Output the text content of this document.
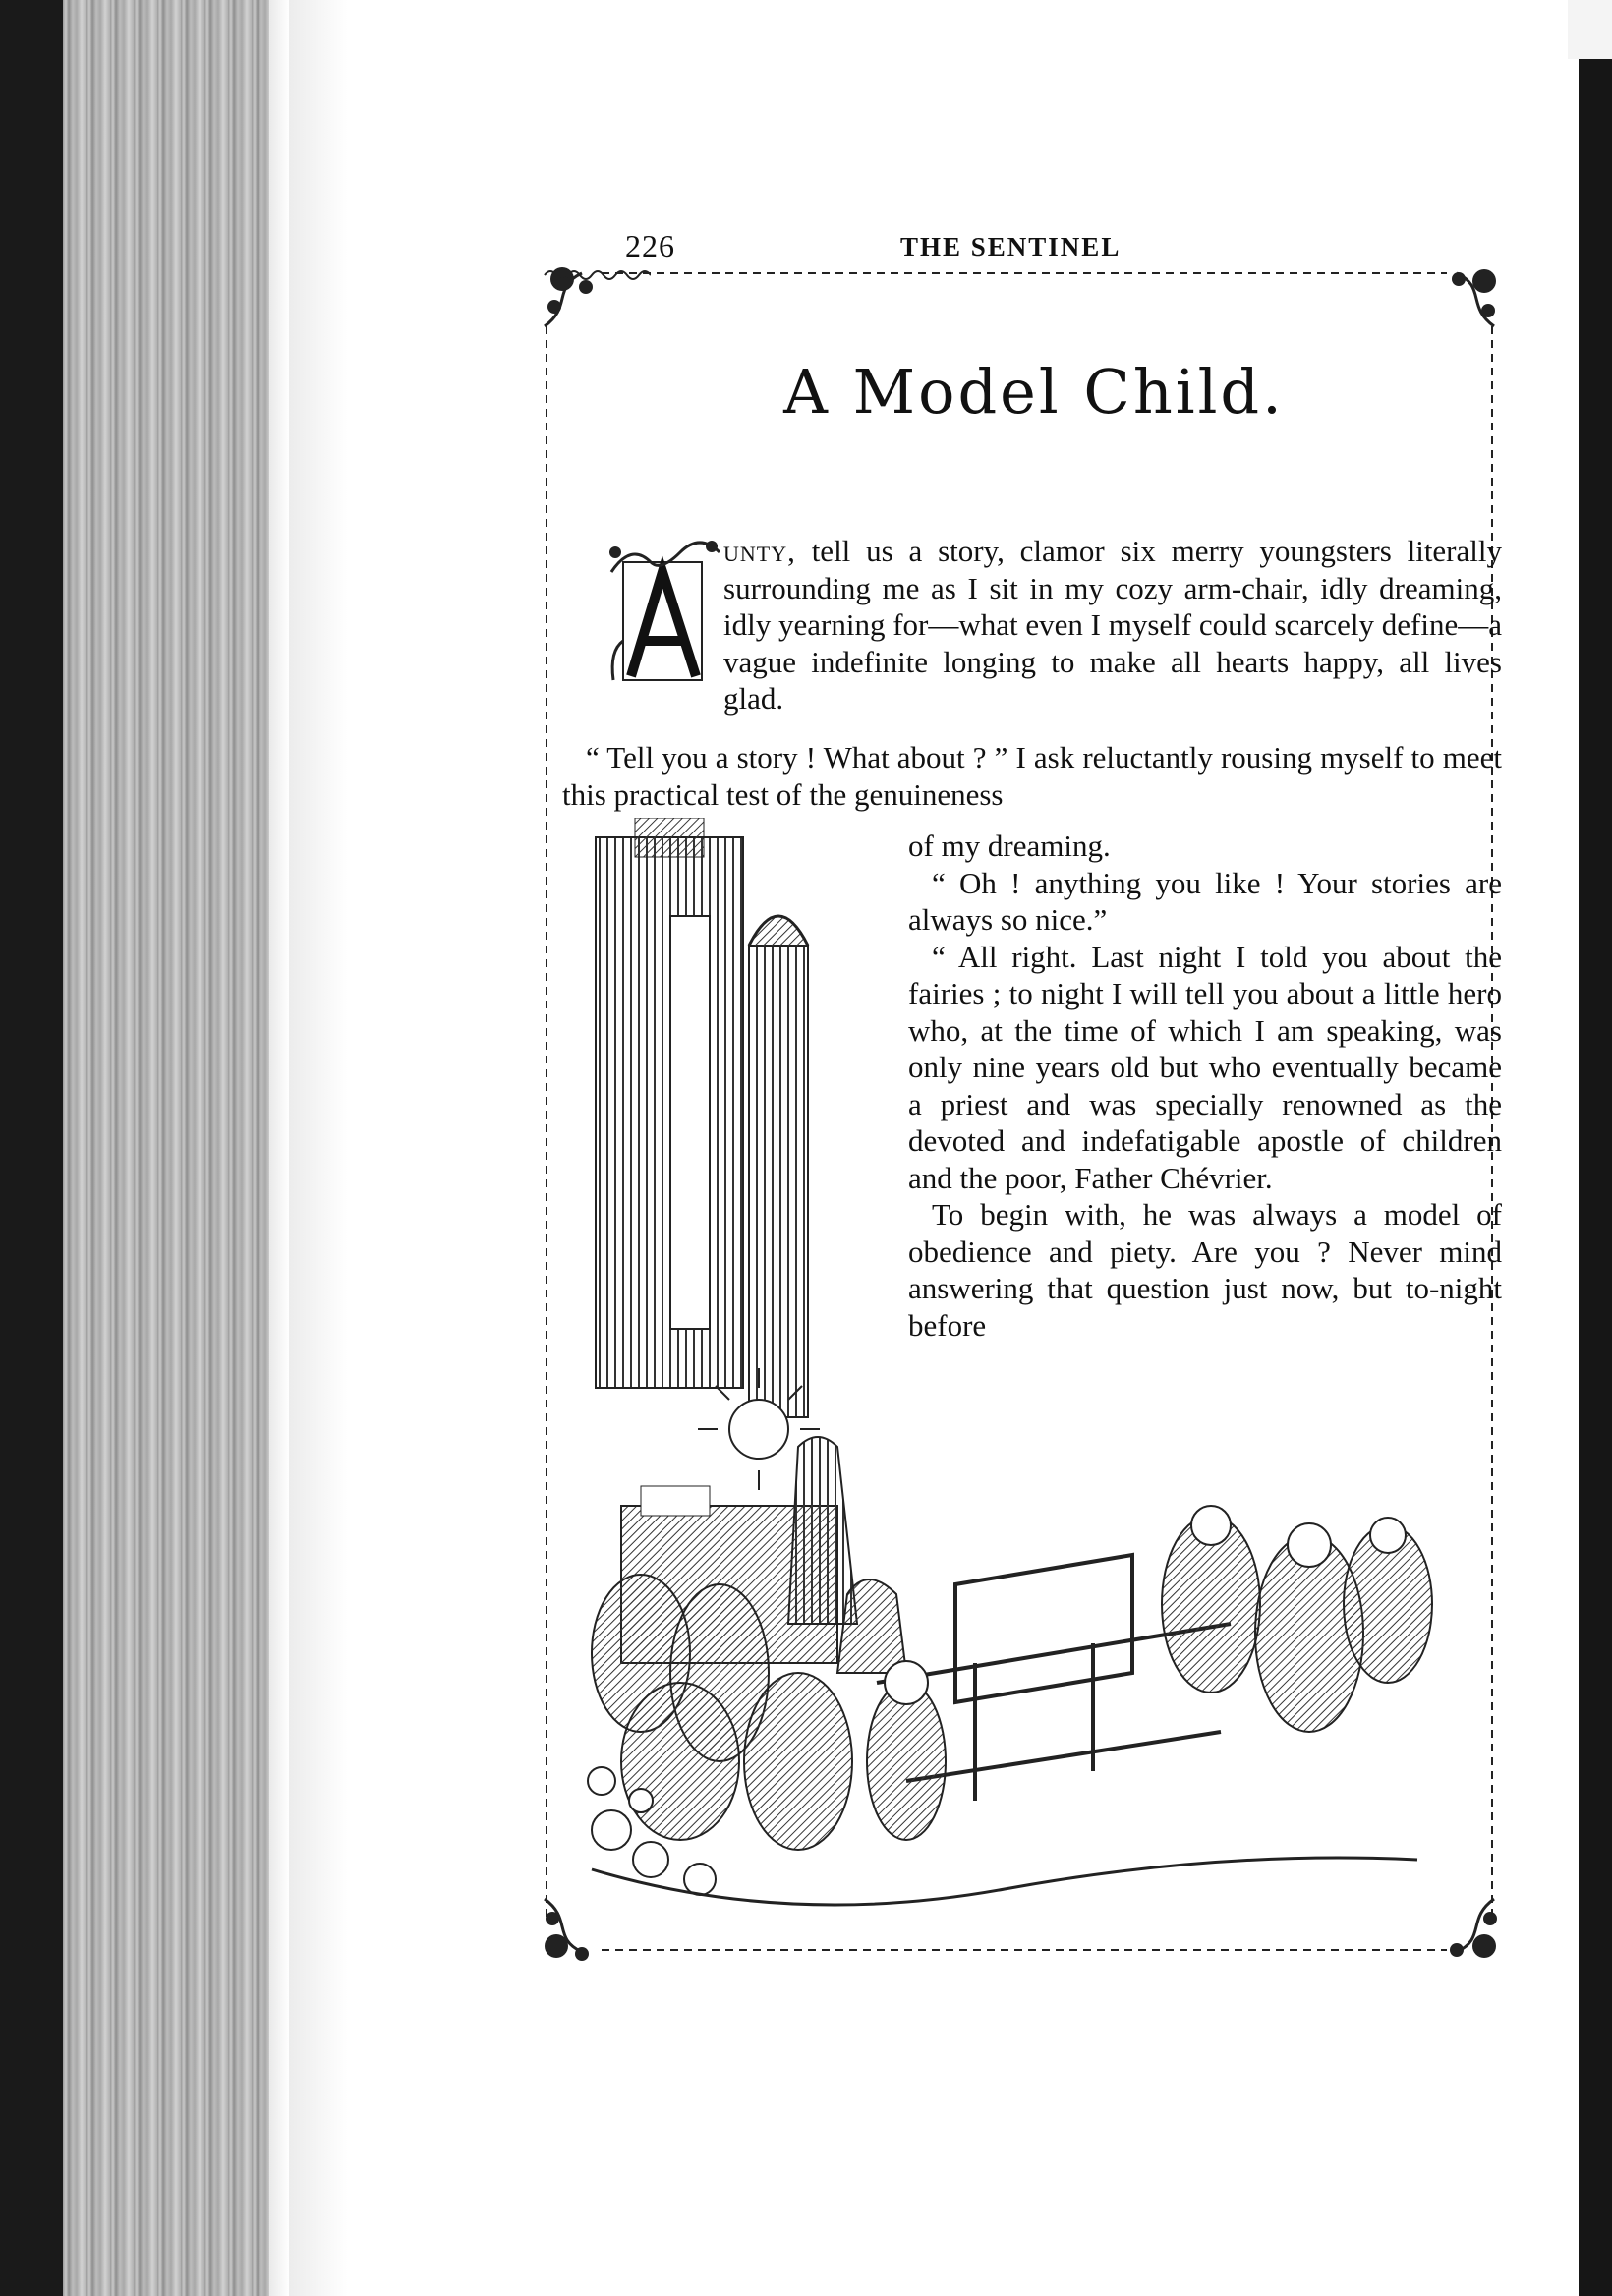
226	THE SENTINEL
A Model Child.
unty, tell us a story, clamor six merry youngsters literally surrounding me as I sit in my cozy arm-chair, idly dreaming, idly yearning for—what even I myself could scarcely define—a vague indefinite longing to make all hearts happy, all lives glad.
“ Tell you a story ! What about ? ” I ask reluctantly rousing myself to meet this practical test of the genuineness

of my dreaming.

“ Oh ! anything you like ! Your stories are always so nice.”

“ All right. Last night I told you about the fairies ; to night I will tell you about a little hero who, at the time of which I am speaking, was only nine years old but who eventually became a priest and was specially renowned as the devoted and indefatigable apostle of children and the poor, Father Chévrier.

To begin with, he was always a model of obedience and piety. Are you ? Never mind answering that question just now, but to-night before
